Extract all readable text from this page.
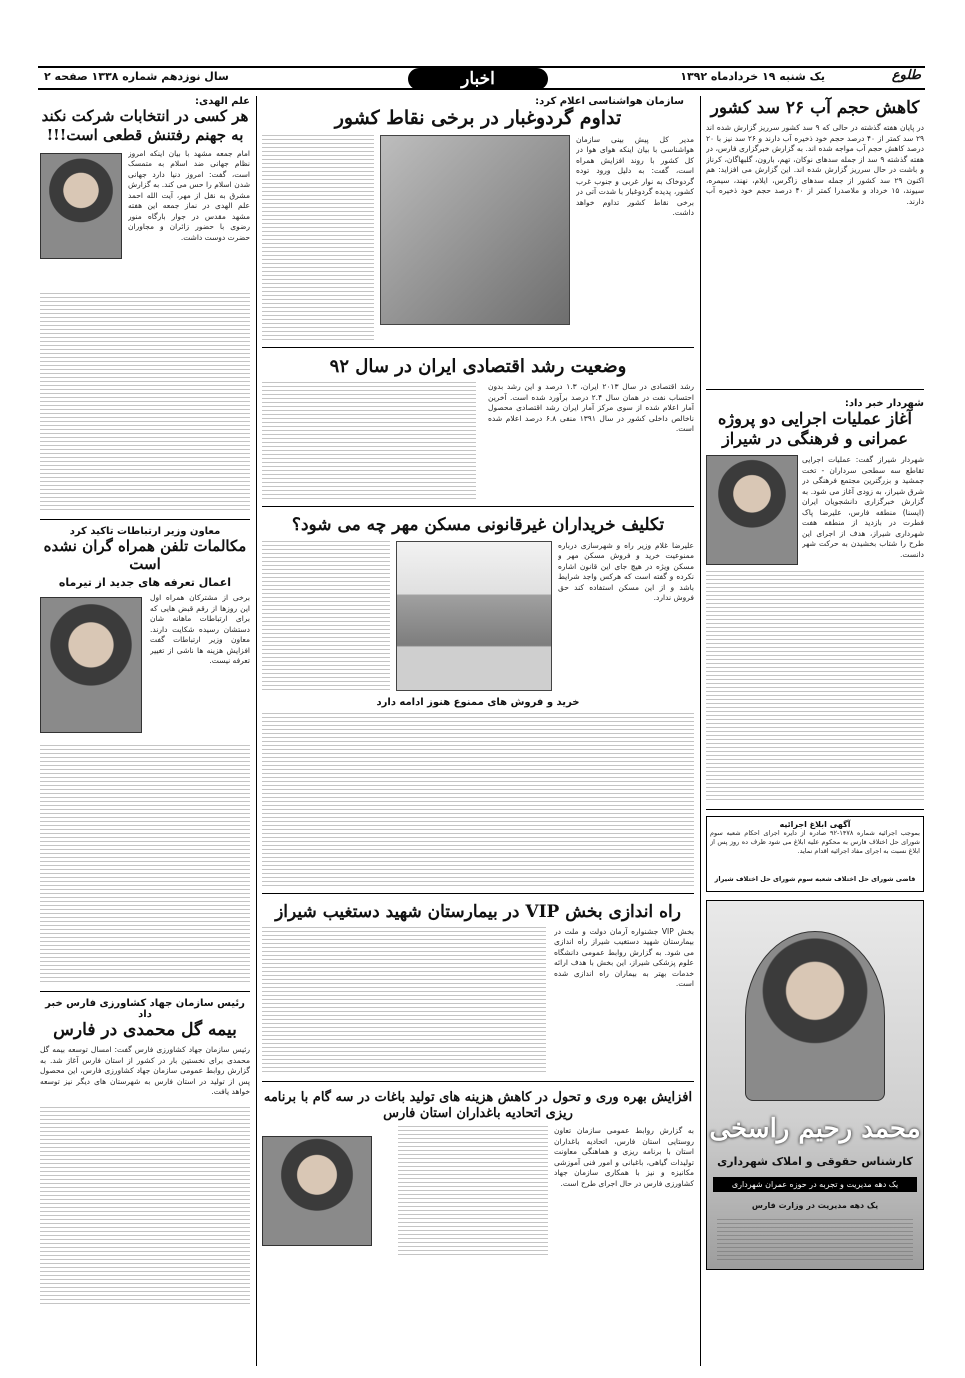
طلوع
یک شنبه ۱۹ خردادماه ۱۳۹۲
اخبار
سال نوزدهم شماره ۱۳۳۸ صفحه ۲
کاهش حجم آب ۲۶ سد کشور
در پایان هفته گذشته در حالی که ۹ سد کشور سرریز گزارش شده اند ۲۹ سد کمتر از ۴۰ درصد حجم خود ذخیره آب دارند و ۲۶ سد نیز با ۲۰ درصد کاهش حجم آب مواجه شده اند. به گزارش خبرگزاری فارس، در هفته گذشته ۹ سد از جمله سدهای نوکان، تهم، بارون، گلبهاگان، کرناز و باشت در حال سرریز گزارش شده اند. این گزارش می افزاید: هم اکنون ۲۹ سد کشور از جمله سدهای زاگرس، ایلام، نهند، سیمره، سیوند، ۱۵ خرداد و ملاصدرا کمتر از ۴۰ درصد حجم خود ذخیره آب دارند.
شهردار خبر داد:
آغاز عملیات اجرایی دو پروژه عمرانی و فرهنگی در شیراز
شهردار شیراز گفت: عملیات اجرایی تقاطع سه سطحی سرداران - تخت جمشید و بزرگترین مجتمع فرهنگی در شرق شیراز، به زودی آغاز می شود. به گزارش خبرگزاری دانشجویان ایران (ایسنا) منطقه فارس، علیرضا پاک فطرت در بازدید از منطقه هفت شهرداری شیراز، هدف از اجرای این طرح را شتاب بخشیدن به حرکت شهر دانست.
آگهی ابلاغ اجرائیه
بموجب اجرائیه شماره ۱۴۷۸-۹۲ صادره از دایره اجرای احکام شعبه سوم شورای حل اختلاف فارس به محکوم علیه ابلاغ می شود ظرف ده روز پس از ابلاغ نسبت به اجرای مفاد اجرائیه اقدام نماید.
قاضی شورای حل اختلاف شعبه سوم شورای حل اختلاف شیراز
محمد رحیم راسخی
کارشناس حقوقی و املاک شهرداری
یک دهه مدیریت و تجربه در حوزه عمران شهرداری
یک دهه مدیریت در وزارت فارس
سازمان هواشناسی اعلام کرد:
تداوم گردوغبار در برخی نقاط کشور
مدیر کل پیش بینی سازمان هواشناسی با بیان اینکه هوای هوا در کل کشور با روند افزایش همراه است، گفت: به دلیل ورود توده گردوخاک به نوار غربی و جنوب غرب کشور، پدیده گردوغبار با شدت آتی در برخی نقاط کشور تداوم خواهد داشت.
وضعیت رشد اقتصادی ایران در سال ۹۲
رشد اقتصادی در سال ۲۰۱۳ ایران، ۱.۳ درصد و این رشد بدون احتساب نفت در همان سال ۲.۴ درصد برآورد شده است. آخرین آمار اعلام شده از سوی مرکز آمار ایران رشد اقتصادی محصول ناخالص داخلی کشور در سال ۱۳۹۱ منفی ۶.۸ درصد اعلام شده است.
تکلیف خریداران غیرقانونی مسکن مهر چه می شود؟
علیرضا غلام وزیر راه و شهرسازی درباره ممنوعیت خرید و فروش مسکن مهر و مسکن ویژه در هیچ جای این قانون اشاره نکرده و گفته است که هرکس واجد شرایط باشد و از این مسکن استفاده کند حق فروش ندارد.
خرید و فروش های ممنوع هنوز ادامه دارد
راه اندازی بخش VIP در بیمارستان شهید دستغیب شیراز
بخش VIP جشنواره آرمان دولت و ملت در بیمارستان شهید دستغیب شیراز راه اندازی می شود. به گزارش روابط عمومی دانشگاه علوم پزشکی شیراز، این بخش با هدف ارائه خدمات بهتر به بیماران راه اندازی شده است.
افزایش بهره وری و تحول در کاهش هزینه های تولید باغات در سه گام با برنامه ریزی اتحادیه باغداران استان فارس
به گزارش روابط عمومی سازمان تعاون روستایی استان فارس، اتحادیه باغداران استان با برنامه ریزی و هماهنگی معاونت تولیدات گیاهی، باغبانی و امور فنی آموزشی مکانیزه و نیز با همکاری سازمان جهاد کشاورزی فارس در حال اجرای طرح است.
علم الهدی:
هر کسی در انتخابات شرکت نکند به جهنم رفتنش قطعی است!!!
امام جمعه مشهد با بیان اینکه امروز نظام جهانی ضد اسلام به متمسک است، گفت: امروز دنیا دارد جهانی شدن اسلام را حس می کند. به گزارش مشرق به نقل از مهر، آیت الله احمد علم الهدی در نماز جمعه این هفته مشهد مقدس در جوار بارگاه منور رضوی با حضور زائران و مجاوران حضرت دوست داشت.
معاون وزیر ارتباطات تاکید کرد
مکالمات تلفن همراه گران نشده است
اعمال تعرفه های جدید از تیرماه
برخی از مشترکان همراه اول این روزها از رقم قبض هایی که برای ارتباطات ماهانه شان دستشان رسیده شکایت دارند. معاون وزیر ارتباطات گفت افزایش هزینه ها ناشی از تغییر تعرفه نیست.
رئیس سازمان جهاد کشاورزی فارس خبر داد
بیمه گل محمدی در فارس
رئیس سازمان جهاد کشاورزی فارس گفت: امسال توسعه بیمه گل محمدی برای نخستین بار در کشور از استان فارس آغاز شد. به گزارش روابط عمومی سازمان جهاد کشاورزی فارس، این محصول پس از تولید در استان فارس به شهرستان های دیگر نیز توسعه خواهد یافت.
